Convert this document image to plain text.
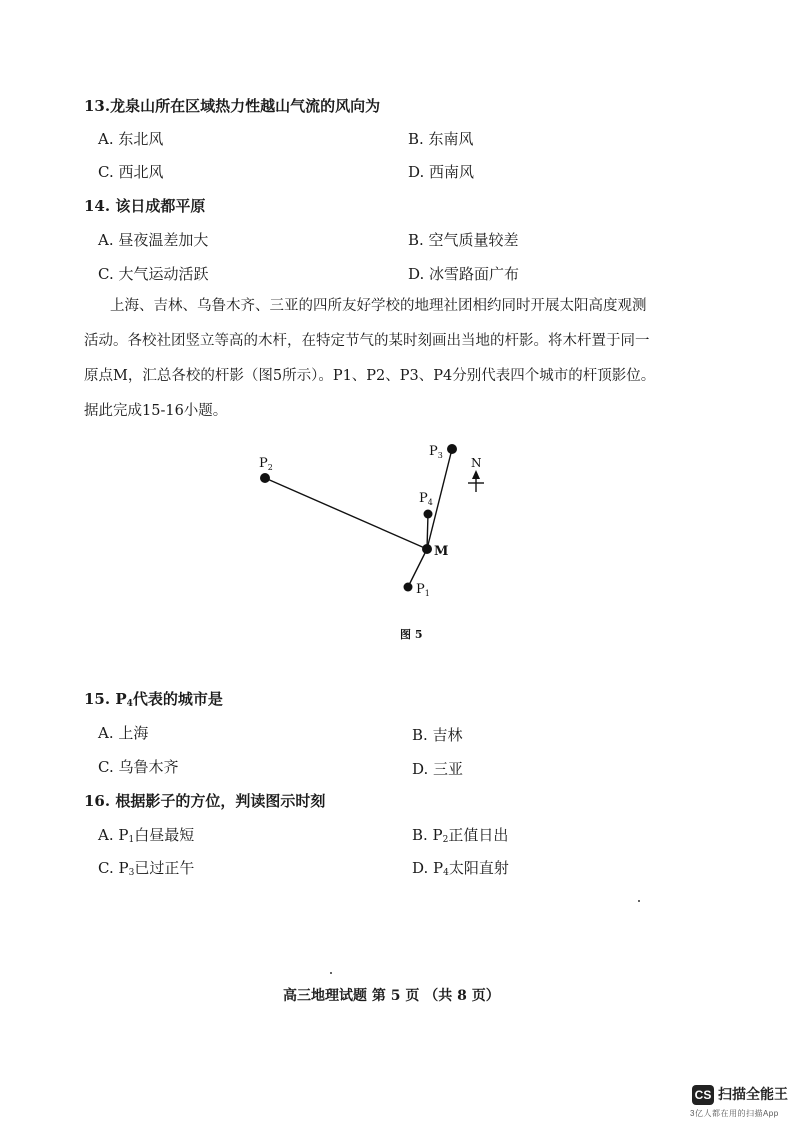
13.龙泉山所在区域热力性越山气流的风向为
A. 东北风	B. 东南风
C. 西北风	D. 西南风
14. 该日成都平原
A. 昼夜温差加大	B. 空气质量较差
C. 大气运动活跃	D. 冰雪路面广布

上海、吉林、乌鲁木齐、三亚的四所友好学校的地理社团相约同时开展太阳高度观测

活动。各校社团竖立等高的木杆，在特定节气的某时刻画出当地的杆影。将木杆置于同一

原点M，汇总各校的杆影（图5所示）。P1、P2、P3、P4分别代表四个城市的杆顶影位。

据此完成15-16小题。

$P_2$
$P_3$
$P_4$
$P_1$
M
N
图 5
15. $P_4$代表的城市是
A. 上海	B. 吉林
C. 乌鲁木齐	D. 三亚
16. 根据影子的方位，判读图示时刻
A. $P_1$白昼最短	B. $P_2$正值日出
C. $P_3$已过正午	D. $P_4$太阳直射
高三地理试题 第 5 页 （共 8 页）
CS 扫描全能王
3亿人都在用的扫描App
